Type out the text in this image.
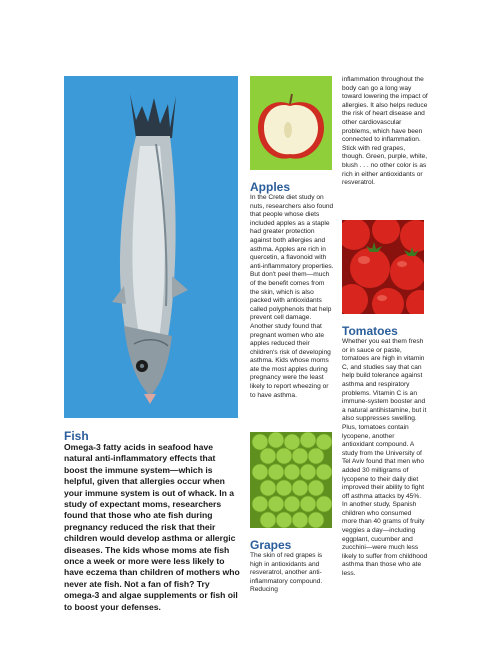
Fish

Omega-3 fatty acids in seafood have natural anti-inflammatory effects that boost the immune system—which is helpful, given that allergies occur when your immune system is out of whack. In a study of expectant moms, researchers found that those who ate fish during pregnancy reduced the risk that their children would develop asthma or allergic diseases. The kids whose moms ate fish once a week or more were less likely to have eczema than children of mothers who never ate fish. Not a fan of fish? Try omega-3 and algae supplements or fish oil to boost your defenses.

Apples

In the Crete diet study on nuts, researchers also found that people whose diets included apples as a staple had greater protection against both allergies and asthma. Apples are rich in quercetin, a flavonoid with anti-inflammatory properties. But don't peel them—much of the benefit comes from the skin, which is also packed with antioxidants called polyphenols that help prevent cell damage. Another study found that pregnant women who ate apples reduced their children's risk of developing asthma. Kids whose moms ate the most apples during pregnancy were the least likely to report wheezing or to have asthma.

Grapes

The skin of red grapes is high in antioxidants and resveratrol, another anti-inflammatory compound. Reducing

inflammation throughout the body can go a long way toward lowering the impact of allergies. It also helps reduce the risk of heart disease and other cardiovascular problems, which have been connected to inflammation. Stick with red grapes, though. Green, purple, white, blush . . . no other color is as rich in either antioxidants or resveratrol.

Tomatoes

Whether you eat them fresh or in sauce or paste, tomatoes are high in vitamin C, and studies say that can help build tolerance against asthma and respiratory problems. Vitamin C is an immune-system booster and a natural antihistamine, but it also suppresses swelling. Plus, tomatoes contain lycopene, another antioxidant compound. A study from the University of Tel Aviv found that men who added 30 milligrams of lycopene to their daily diet improved their ability to fight off asthma attacks by 45%. In another study, Spanish children who consumed more than 40 grams of fruity veggies a day—including eggplant, cucumber and zucchini—were much less likely to suffer from childhood asthma than those who ate less.
